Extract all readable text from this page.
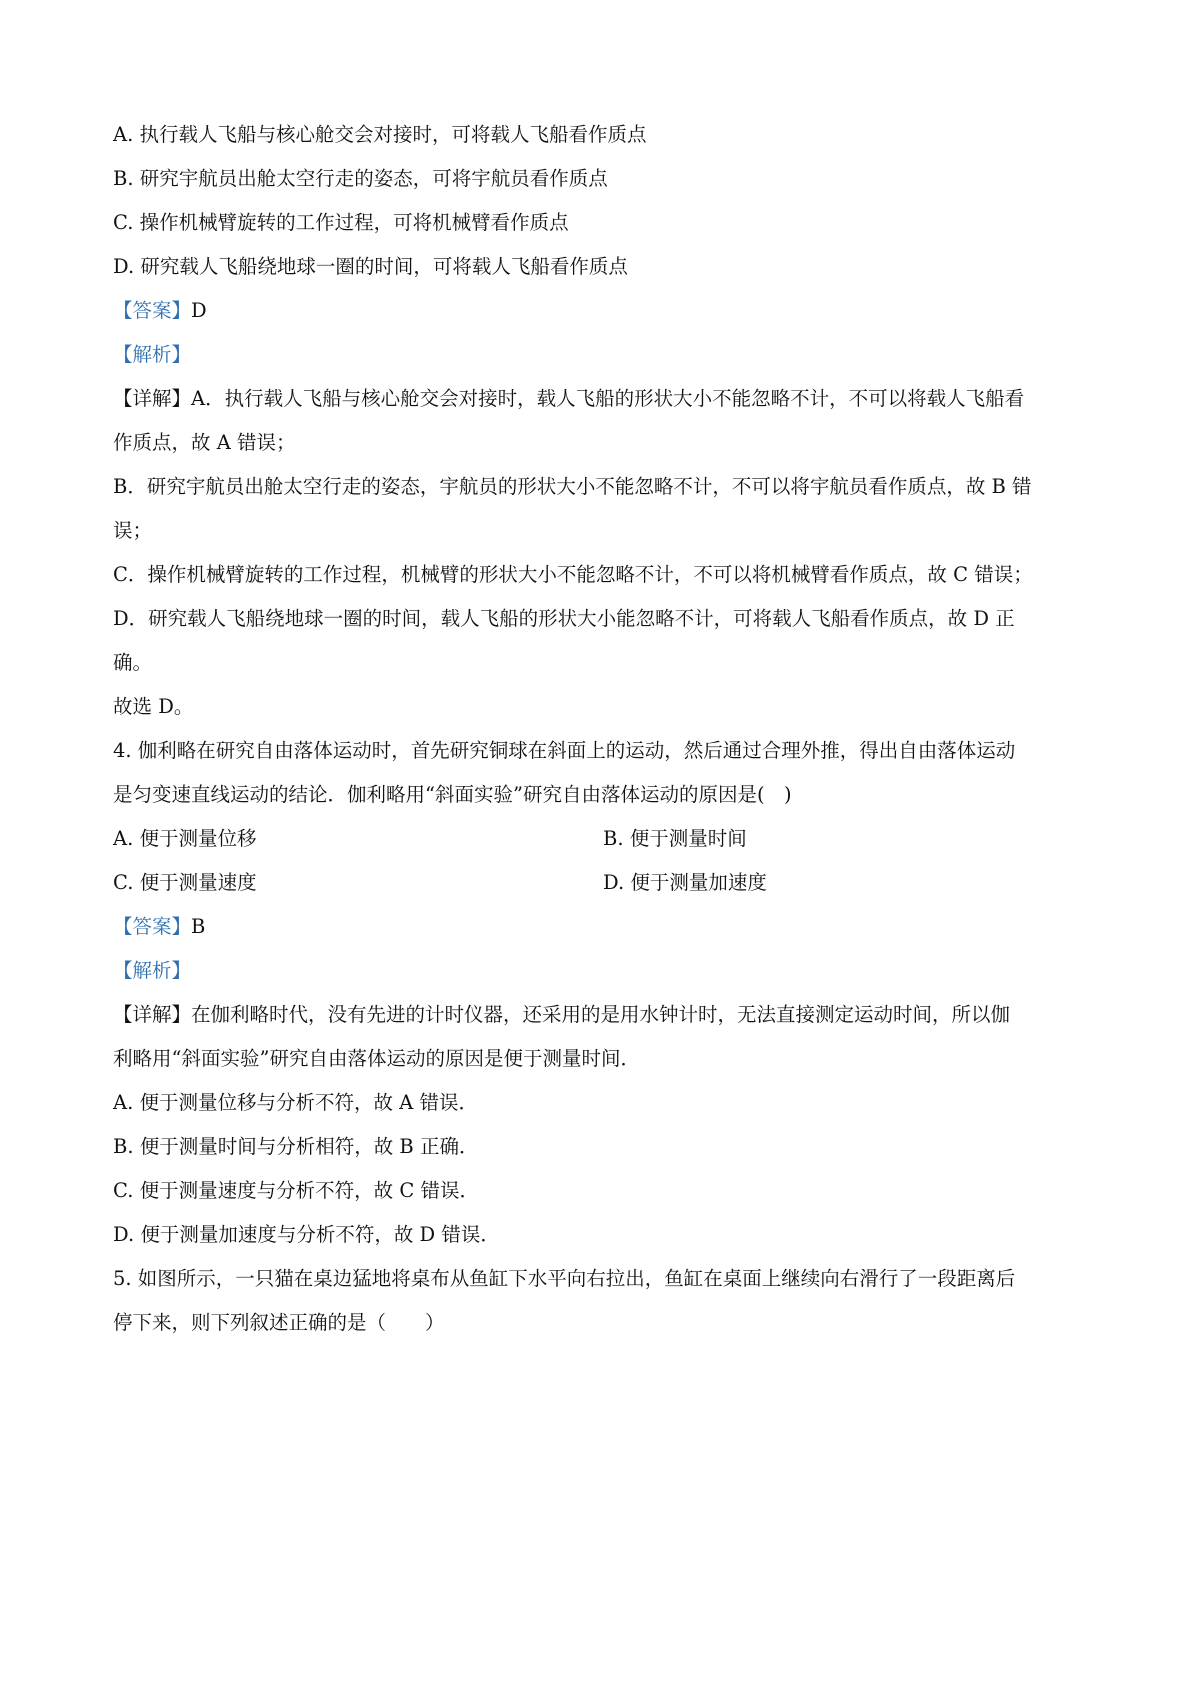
A. 执行载人飞船与核心舱交会对接时，可将载人飞船看作质点
B. 研究宇航员出舱太空行走的姿态，可将宇航员看作质点
C. 操作机械臂旋转的工作过程，可将机械臂看作质点
D. 研究载人飞船绕地球一圈的时间，可将载人飞船看作质点
【答案】D
【解析】
【详解】A．执行载人飞船与核心舱交会对接时，载人飞船的形状大小不能忽略不计，不可以将载人飞船看
作质点，故 A 错误；
B．研究宇航员出舱太空行走的姿态，宇航员的形状大小不能忽略不计，不可以将宇航员看作质点，故 B 错
误；
C．操作机械臂旋转的工作过程，机械臂的形状大小不能忽略不计，不可以将机械臂看作质点，故 C 错误；
D．研究载人飞船绕地球一圈的时间，载人飞船的形状大小能忽略不计，可将载人飞船看作质点，故 D 正
确。
故选 D。
4. 伽利略在研究自由落体运动时，首先研究铜球在斜面上的运动，然后通过合理外推，得出自由落体运动
是匀变速直线运动的结论．伽利略用“斜面实验”研究自由落体运动的原因是(　)
A. 便于测量位移	B. 便于测量时间
C. 便于测量速度	D. 便于测量加速度
【答案】B
【解析】
【详解】在伽利略时代，没有先进的计时仪器，还采用的是用水钟计时，无法直接测定运动时间，所以伽
利略用“斜面实验”研究自由落体运动的原因是便于测量时间．
A. 便于测量位移与分析不符，故 A 错误．
B. 便于测量时间与分析相符，故 B 正确．
C. 便于测量速度与分析不符，故 C 错误．
D. 便于测量加速度与分析不符，故 D 错误．
5. 如图所示，一只猫在桌边猛地将桌布从鱼缸下水平向右拉出，鱼缸在桌面上继续向右滑行了一段距离后
停下来，则下列叙述正确的是（　　）
